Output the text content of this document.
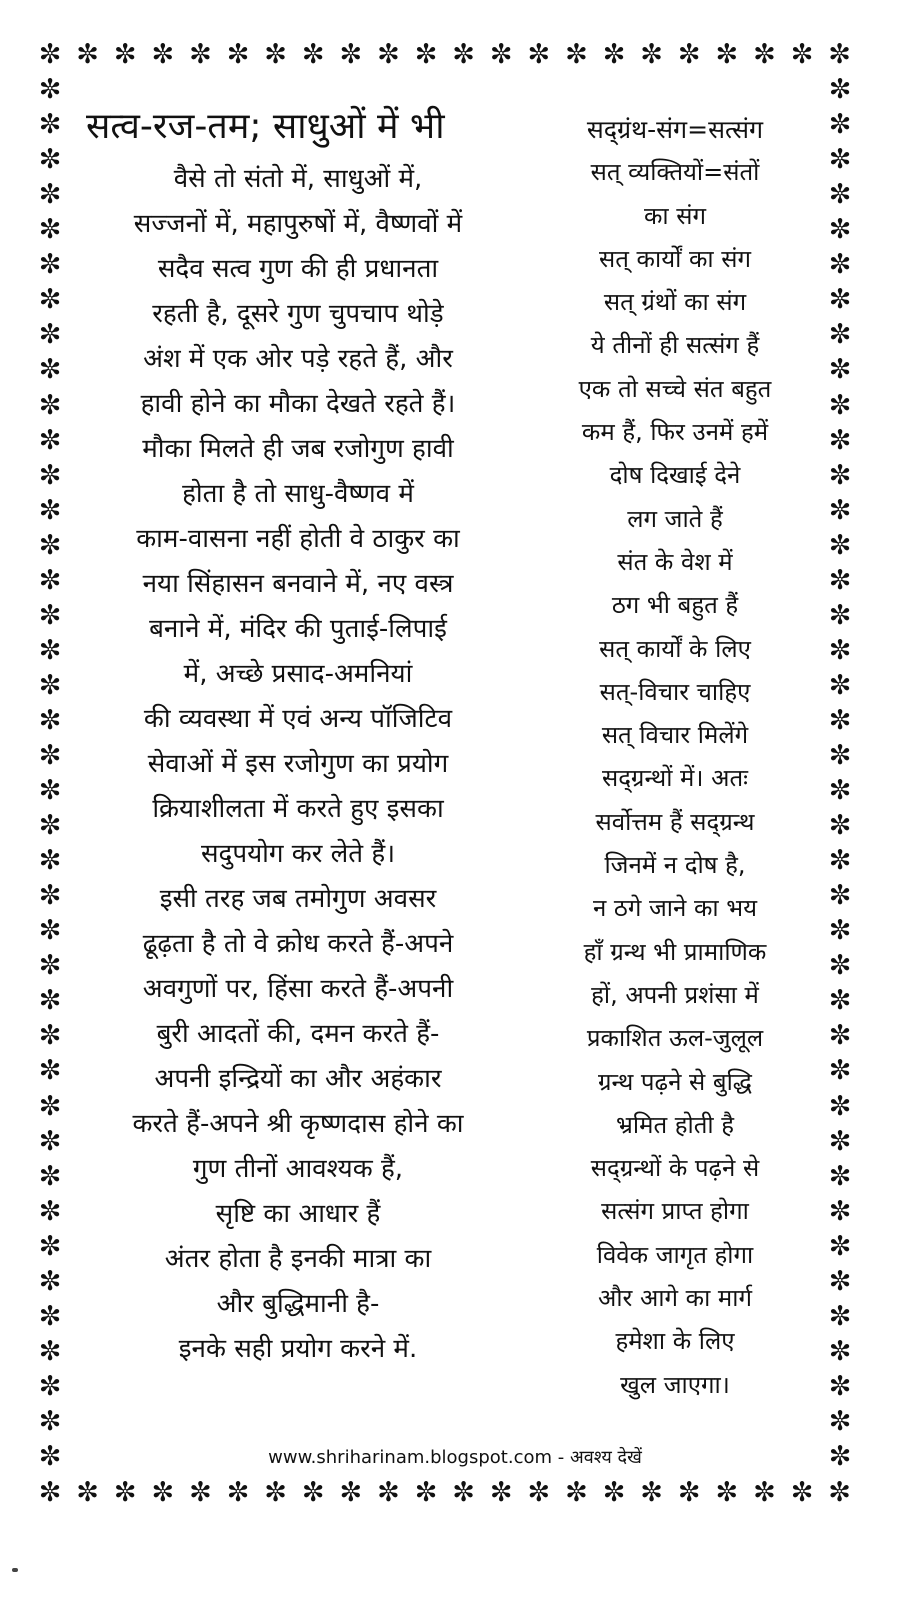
✼ ✼ ✼ ✼ ✼ ✼ ✼ ✼ ✼ ✼ ✼ ✼ ✼ ✼ ✼ ✼ ✼ ✼ ✼ ✼ ✼ ✼
✼ ✼ ✼ ✼ ✼ ✼ ✼ ✼ ✼ ✼ ✼ ✼ ✼ ✼ ✼ ✼ ✼ ✼ ✼ ✼ ✼ ✼
✼
✼
✼
✼
✼
✼
✼
✼
✼
✼
✼
✼
✼
✼
✼
✼
✼
✼
✼
✼
✼
✼
✼
✼
✼
✼
✼
✼
✼
✼
✼
✼
✼
✼
✼
✼
✼
✼
✼
✼
✼
✼
✼
✼
✼
✼
✼
✼
✼
✼
✼
✼
✼
✼
✼
✼
✼
✼
✼
✼
✼
✼
✼
✼
✼
✼
✼
✼
✼
✼
✼
✼
✼
✼
✼
✼
✼
✼
✼
✼
सत्व-रज-तम; साधुओं में भी
वैसे तो संतो में, साधुओं में,
सज्जनों में, महापुरुषों में, वैष्णवों में
सदैव सत्व गुण की ही प्रधानता
रहती है, दूसरे गुण चुपचाप थोड़े
अंश में एक ओर पड़े रहते हैं, और
हावी होने का मौका देखते रहते हैं।
मौका मिलते ही जब रजोगुण हावी
होता है तो साधु-वैष्णव में
काम-वासना नहीं होती वे ठाकुर का
नया सिंहासन बनवाने में, नए वस्त्र
बनाने में, मंदिर की पुताई-लिपाई
में, अच्छे प्रसाद-अमनियां
की व्यवस्था में एवं अन्य पॉजिटिव
सेवाओं में इस रजोगुण का प्रयोग
क्रियाशीलता में करते हुए इसका
सदुपयोग कर लेते हैं।
इसी तरह जब तमोगुण अवसर
ढूढ़ता है तो वे क्रोध करते हैं-अपने
अवगुणों पर, हिंसा करते हैं-अपनी
बुरी आदतों की, दमन करते हैं-
अपनी इन्द्रियों का और अहंकार
करते हैं-अपने श्री कृष्णदास होने का
गुण तीनों आवश्यक हैं,
सृष्टि का आधार हैं
अंतर होता है इनकी मात्रा का
और बुद्धिमानी है-
इनके सही प्रयोग करने में.
सद्ग्रंथ-संग=सत्संग
सत् व्यक्तियों=संतों
का संग
सत् कार्यों का संग
सत् ग्रंथों का संग
ये तीनों ही सत्संग हैं
एक तो सच्चे संत बहुत
कम हैं, फिर उनमें हमें
दोष दिखाई देने
लग जाते हैं
संत के वेश में
ठग भी बहुत हैं
सत् कार्यों के लिए
सत्-विचार चाहिए
सत् विचार मिलेंगे
सद्ग्रन्थों में। अतः
सर्वोत्तम हैं सद्ग्रन्थ
जिनमें न दोष है,
न ठगे जाने का भय
हाँ ग्रन्थ भी प्रामाणिक
हों, अपनी प्रशंसा में
प्रकाशित ऊल-जुलूल
ग्रन्थ पढ़ने से बुद्धि
भ्रमित होती है
सद्ग्रन्थों के पढ़ने से
सत्संग प्राप्त होगा
विवेक जागृत होगा
और आगे का मार्ग
हमेशा के लिए
खुल जाएगा।
www.shriharinam.blogspot.com - अवश्य देखें
